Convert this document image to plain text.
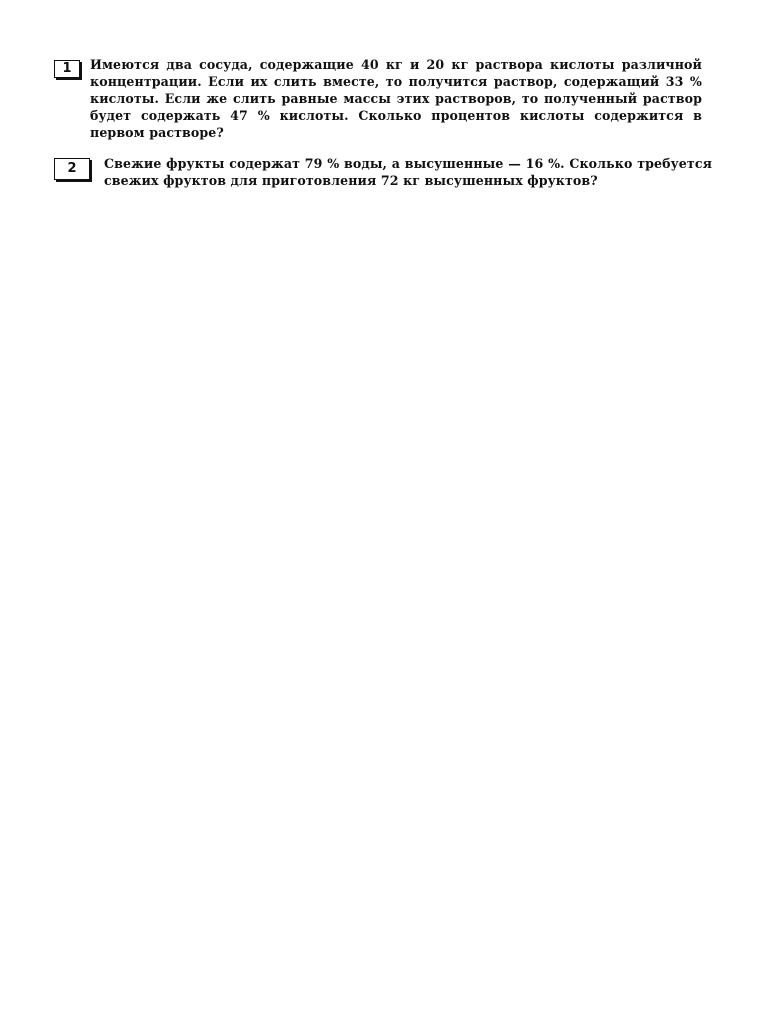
1	Имеются два сосуда, содержащие 40 кг и 20 кг раствора кислоты различной концентрации. Если их слить вместе, то получится раствор, содержащий 33 % кислоты. Если же слить равные массы этих растворов, то полученный раствор будет содержать 47 % кислоты. Сколько процентов кислоты содержится в первом растворе?
2	Свежие фрукты содержат 79 % воды, а высушенные — 16 %. Сколько требуется свежих фруктов для приготовления 72 кг высушенных фруктов?
